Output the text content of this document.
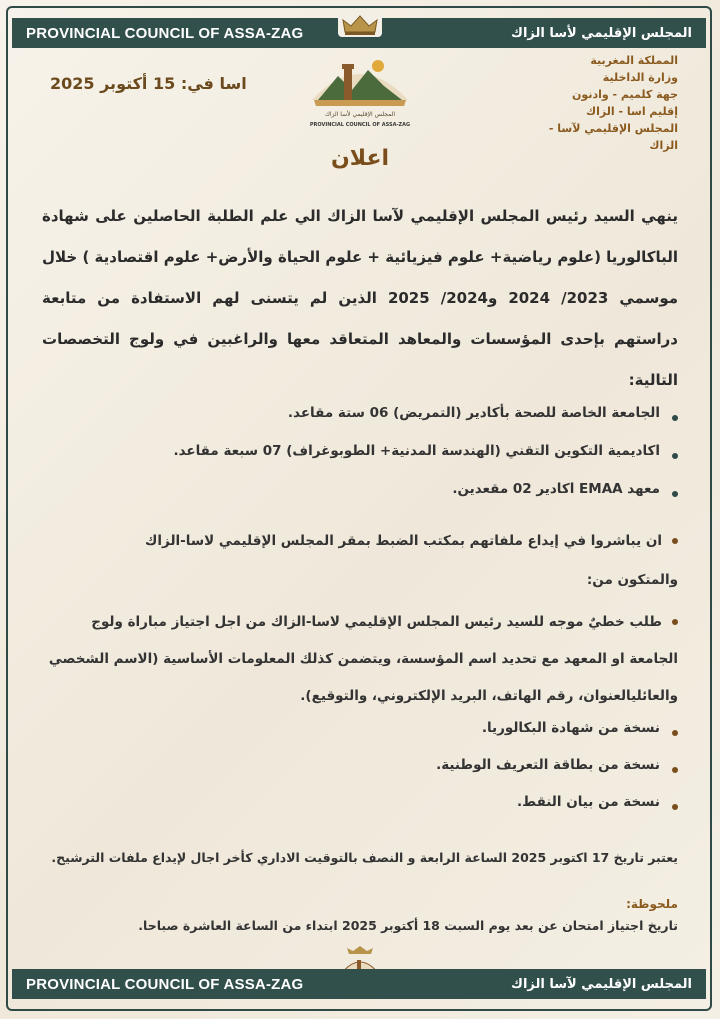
PROVINCIAL COUNCIL OF ASSA-ZAG	المجلس الإقليمي لأسا الزاك
المجلس الإقليمي لأسا الزاك
PROVINCIAL COUNCIL OF ASSA-ZAG
اسا في: 15 أكتوبر 2025
المملكة المغربية
وزارة الداخلية
جهة كلميم - وادنون
إقليم اسا - الزاك
المجلس الإقليمي لآسا - الزاك
اعلان
ينهي السيد رئيس المجلس الإقليمي لآسا الزاك الي علم الطلبة الحاصلين على شهادة الباكالوريا (علوم رياضية+ علوم فيزيائية + علوم الحياة والأرض+ علوم اقتصادية ) خلال موسمي 2023/ 2024 و2024/ 2025 الذين لم يتسنى لهم الاستفادة من متابعة دراستهم بإحدى المؤسسات والمعاهد المتعاقد معها والراغبين في ولوج التخصصات التالية:
الجامعة الخاصة للصحة بأكادير (التمريض) 06 ستة مقاعد.
اكاديمية التكوين التقني (الهندسة المدنية+ الطوبوغراف) 07 سبعة مقاعد.
معهد EMAA اكادير 02 مقعدين.
ان يباشروا في إيداع ملفاتهم بمكتب الضبط بمقر المجلس الإقليمي لاسا-الزاك
والمتكون من:
طلب خطيٌ موجه للسيد رئيس المجلس الإقليمي لاسا-الزاك من اجل اجتياز مباراة ولوج الجامعة او المعهد مع تحديد اسم المؤسسة، ويتضمن كذلك المعلومات الأساسية (الاسم الشخصي والعائليالعنوان، رقم الهاتف، البريد الإلكتروني، والتوقيع).
نسخة من شهادة البكالوريا.
نسخة من بطاقة التعريف الوطنية.
نسخة من بيان النقط.
يعتبر تاريخ 17 اكتوبر 2025 الساعة الرابعة و النصف بالتوقيت الاداري كأخر اجال لإيداع ملفات الترشيح.
ملحوظة:
تاريخ اجتياز امتحان عن بعد يوم السبت 18 أكتوبر 2025 ابتداء من الساعة العاشرة صباحا.
PROVINCIAL COUNCIL OF ASSA-ZAG	المجلس الإقليمي لآسا الزاك
